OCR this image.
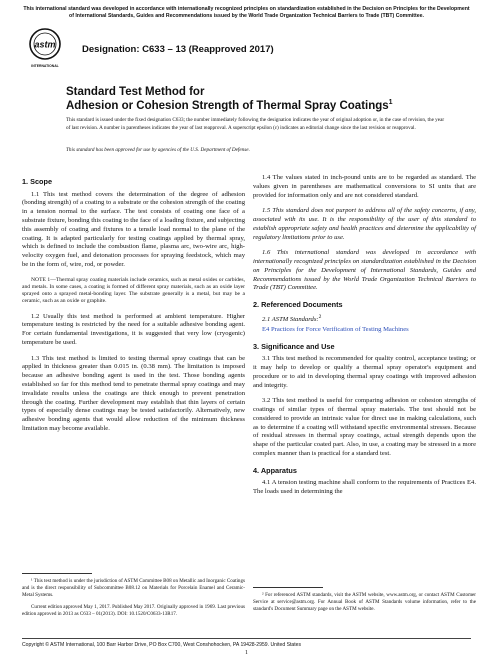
This international standard was developed in accordance with internationally recognized principles on standardization established in the Decision on Principles for the Development of International Standards, Guides and Recommendations issued by the World Trade Organization Technical Barriers to Trade (TBT) Committee.
astm
INTERNATIONAL
Designation: C633 – 13 (Reapproved 2017)
Standard Test Method for
Adhesion or Cohesion Strength of Thermal Spray Coatings$^1$
This standard is issued under the fixed designation C633; the number immediately following the designation indicates the year of original adoption or, in the case of revision, the year of last revision. A number in parentheses indicates the year of last reapproval. A superscript epsilon (ε) indicates an editorial change since the last revision or reapproval.
This standard has been approved for use by agencies of the U.S. Department of Defense.
1. Scope

1.1 This test method covers the determination of the degree of adhesion (bonding strength) of a coating to a substrate or the cohesion strength of the coating in a tension normal to the surface. The test consists of coating one face of a substrate fixture, bonding this coating to the face of a loading fixture, and subjecting this assembly of coating and fixtures to a tensile load normal to the plane of the coating. It is adapted particularly for testing coatings applied by thermal spray, which is defined to include the combustion flame, plasma arc, two-wire arc, high-velocity oxygen fuel, and detonation processes for spraying feedstock, which may be in the form of, wire, rod, or powder.

NOTE 1—Thermal spray coating materials include ceramics, such as metal oxides or carbides, and metals. In some cases, a coating is formed of different spray materials, such as an oxide layer sprayed onto a sprayed metal-bonding layer. The substrate generally is a metal, but may be a ceramic, such as an oxide or graphite.

1.2 Usually this test method is performed at ambient temperature. Higher temperature testing is restricted by the need for a suitable adhesive bonding agent. For certain fundamental investigations, it is suggested that very low (cryogenic) temperature be used.

1.3 This test method is limited to testing thermal spray coatings that can be applied in thickness greater than 0.015 in. (0.38 mm). The limitation is imposed because an adhesive bonding agent is used in the test. Those bonding agents established so far for this method tend to penetrate thermal spray coatings and may invalidate results unless the coatings are thick enough to prevent penetration through the coating. Further development may establish that thin layers of certain types of especially dense coatings may be tested satisfactorily. Alternatively, new adhesive bonding agents that would allow reduction of the minimum thickness limitation may become available.

¹ This test method is under the jurisdiction of ASTM Committee B08 on Metallic and Inorganic Coatings and is the direct responsibility of Subcommittee B08.12 on Materials for Porcelain Enamel and Ceramic-Metal Systems.
Current edition approved May 1, 2017. Published May 2017. Originally approved in 1969. Last previous edition approved in 2013 as C633 – 01(2013). DOI: 10.1520/C0633-13R17.

1.4 The values stated in inch-pound units are to be regarded as standard. The values given in parentheses are mathematical conversions to SI units that are provided for information only and are not considered standard.

1.5 This standard does not purport to address all of the safety concerns, if any, associated with its use. It is the responsibility of the user of this standard to establish appropriate safety and health practices and determine the applicability of regulatory limitations prior to use.

1.6 This international standard was developed in accordance with internationally recognized principles on standardization established in the Decision on Principles for the Development of International Standards, Guides and Recommendations issued by the World Trade Organization Technical Barriers to Trade (TBT) Committee.

2. Referenced Documents
2.1 ASTM Standards:$^2$
E4 Practices for Force Verification of Testing Machines
3. Significance and Use

3.1 This test method is recommended for quality control, acceptance testing; or it may help to develop or qualify a thermal spray operator's equipment and procedure or to aid in developing thermal spray coatings with improved adhesion and integrity.

3.2 This test method is useful for comparing adhesion or cohesion strengths of coatings of similar types of thermal spray materials. The test should not be considered to provide an intrinsic value for direct use in making calculations, such as to determine if a coating will withstand specific environmental stresses. Because of residual stresses in thermal spray coatings, actual strength depends upon the shape of the particular coated part. Also, in use, a coating may be stressed in a more complex manner than is practical for a standard test.

4. Apparatus

4.1 A tension testing machine shall conform to the requirements of Practices E4. The loads used in determining the

² For referenced ASTM standards, visit the ASTM website, www.astm.org, or contact ASTM Customer Service at service@astm.org. For Annual Book of ASTM Standards volume information, refer to the standard's Document Summary page on the ASTM website.
Copyright © ASTM International, 100 Barr Harbor Drive, PO Box C700, West Conshohocken, PA 19428-2959. United States
1
